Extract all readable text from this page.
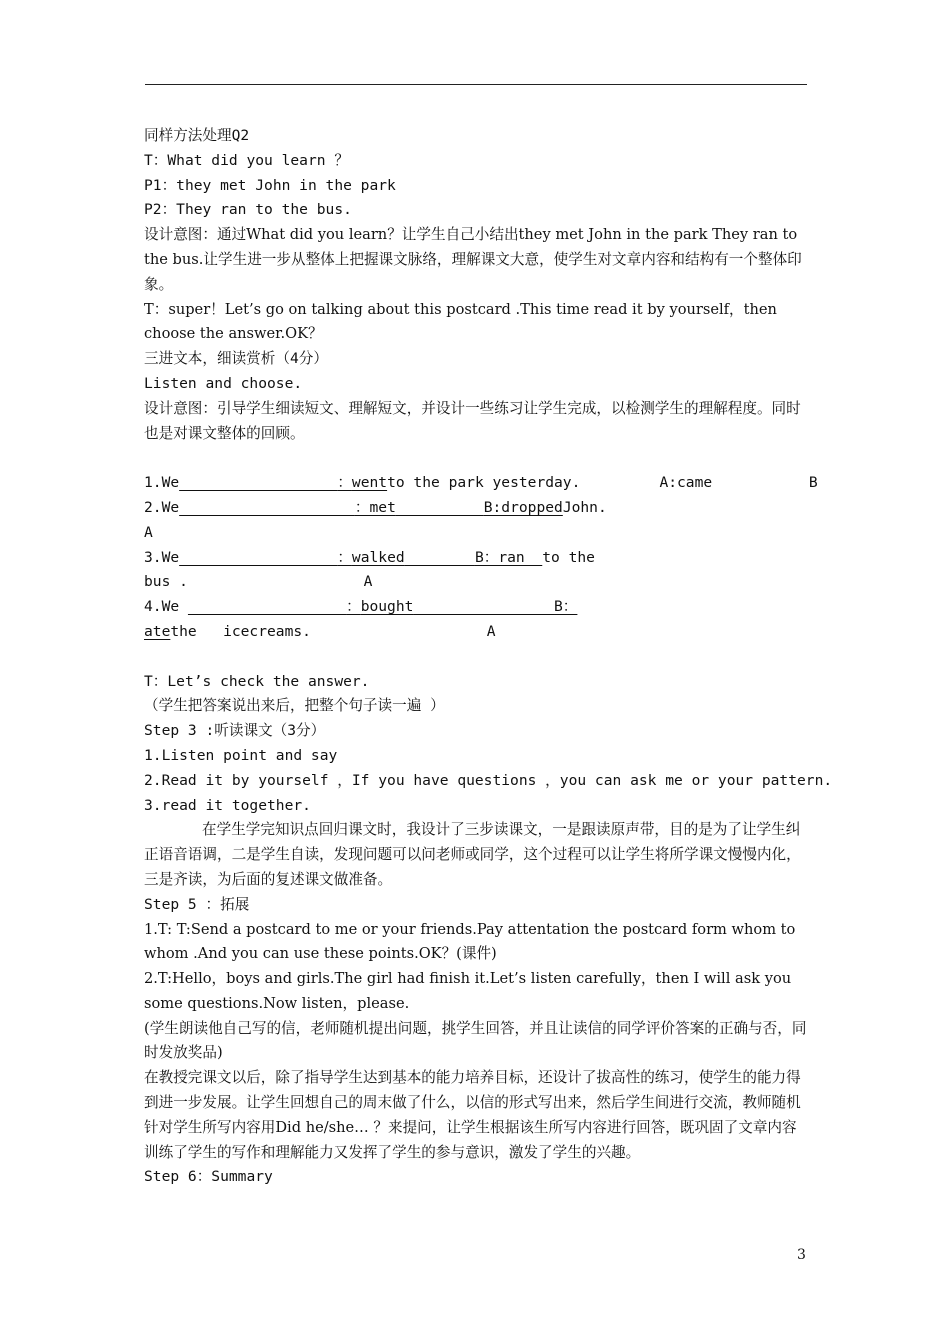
同样方法处理Q2
T：What did you learn ？
P1：they met John in the park
P2：They ran to the bus.
设计意图：通过What did you learn？让学生自己小结出they met John in the park They ran to the bus.让学生进一步从整体上把握课文脉络，理解课文大意，使学生对文章内容和结构有一个整体印象。
T：super！Let’s go on talking about this postcard .This time read it by yourself，then choose the answer.OK？
三进文本，细读赏析（4分）
Listen and choose.
设计意图：引导学生细读短文、理解短文，并设计一些练习让学生完成，以检测学生的理解程度。同时也是对课文整体的回顾。
1.We	：wentto the park yesterday.	A:came	B
2.We	：met	B:droppedJohn.
A
3.We	：walked	B：ran  to the
bus .	A
4.We	：bought	B：
atethe   icecreams.	A
T：Let’s check the answer.
（学生把答案说出来后，把整个句子读一遍 ）
Step 3 :听读课文（3分）
1.Listen point and say
2.Read it by yourself ，If you have questions ，you can ask me or your pattern.
3.read it together.
在学生学完知识点回归课文时，我设计了三步读课文，一是跟读原声带，目的是为了让学生纠正语音语调，二是学生自读，发现问题可以问老师或同学，这个过程可以让学生将所学课文慢慢内化，三是齐读，为后面的复述课文做准备。
Step 5 ：拓展
1.T: T:Send a postcard to me or your friends.Pay attentation the postcard form whom to whom .And you can use these points.OK？(课件)
2.T:Hello，boys and girls.The girl had finish it.Let’s listen carefully，then I will ask you some questions.Now listen，please.
(学生朗读他自己写的信，老师随机提出问题，挑学生回答，并且让读信的同学评价答案的正确与否，同时发放奖品)
在教授完课文以后，除了指导学生达到基本的能力培养目标，还设计了拔高性的练习，使学生的能力得到进一步发展。让学生回想自己的周末做了什么，以信的形式写出来，然后学生间进行交流，教师随机针对学生所写内容用Did he/she… ？来提问，让学生根据该生所写内容进行回答，既巩固了文章内容训练了学生的写作和理解能力又发挥了学生的参与意识，激发了学生的兴趣。
Step 6：Summary
3
